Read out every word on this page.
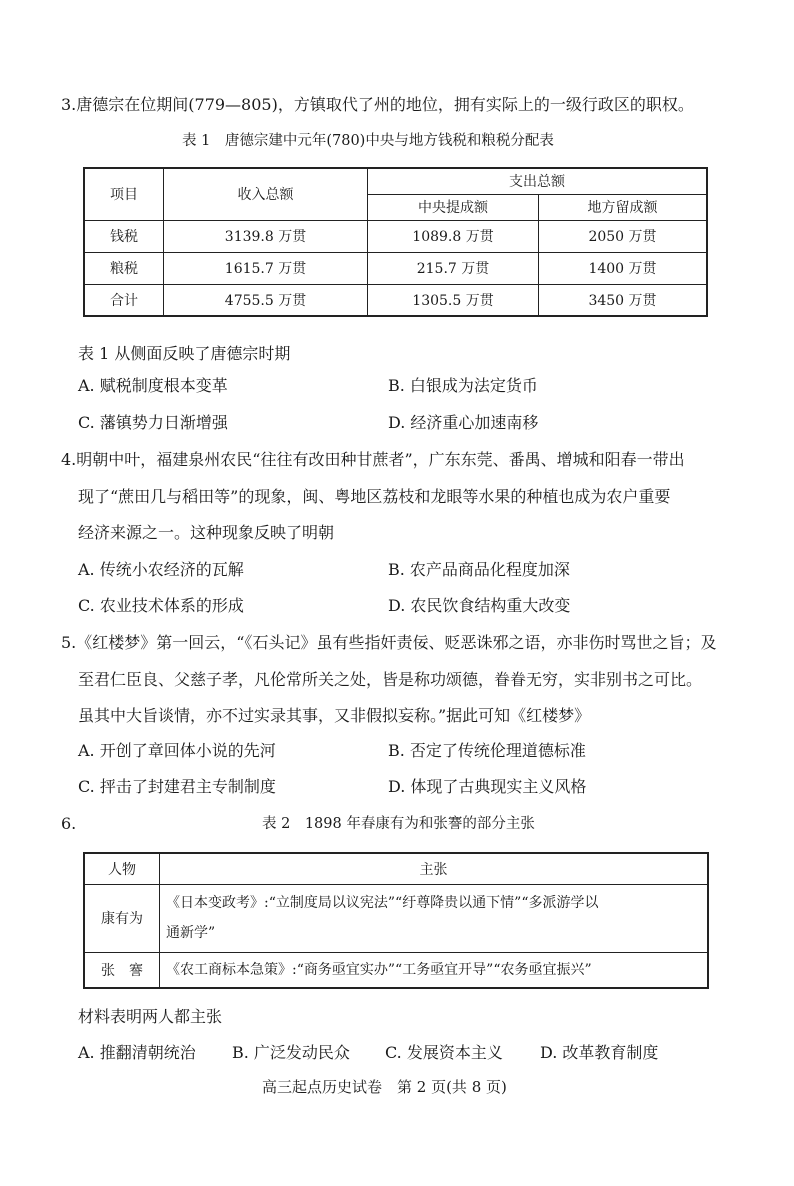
3.唐德宗在位期间(779—805)，方镇取代了州的地位，拥有实际上的一级行政区的职权。
表 1　唐德宗建中元年(780)中央与地方钱税和粮税分配表
项目	收入总额	支出总额	
		中央提成额	地方留成额
钱税	3139.8 万贯	1089.8 万贯	2050 万贯
粮税	1615.7 万贯	215.7 万贯	1400 万贯
合计	4755.5 万贯	1305.5 万贯	3450 万贯
表 1 从侧面反映了唐德宗时期
A. 赋税制度根本变革	B. 白银成为法定货币
C. 藩镇势力日渐增强	D. 经济重心加速南移
4.明朝中叶，福建泉州农民“往往有改田种甘蔗者”，广东东莞、番禺、增城和阳春一带出
现了“蔗田几与稻田等”的现象，闽、粤地区荔枝和龙眼等水果的种植也成为农户重要
经济来源之一。这种现象反映了明朝
A. 传统小农经济的瓦解	B. 农产品商品化程度加深
C. 农业技术体系的形成	D. 农民饮食结构重大改变
5.《红楼梦》第一回云，“《石头记》虽有些指奸责佞、贬恶诛邪之语，亦非伤时骂世之旨；及
至君仁臣良、父慈子孝，凡伦常所关之处，皆是称功颂德，眷眷无穷，实非别书之可比。
虽其中大旨谈情，亦不过实录其事，又非假拟妄称。”据此可知《红楼梦》
A. 开创了章回体小说的先河	B. 否定了传统伦理道德标准
C. 抨击了封建君主专制制度	D. 体现了古典现实主义风格
6.	表 2　1898 年春康有为和张謇的部分主张
人物	主张
康有为	《日本变政考》:“立制度局以议宪法”“纡尊降贵以通下情”“多派游学以
通新学”

张　謇	《农工商标本急策》:“商务亟宜实办”“工务亟宜开导”“农务亟宜振兴”
材料表明两人都主张
A. 推翻清朝统治 B. 广泛发动民众 C. 发展资本主义 D. 改革教育制度
高三起点历史试卷　第 2 页(共 8 页)
